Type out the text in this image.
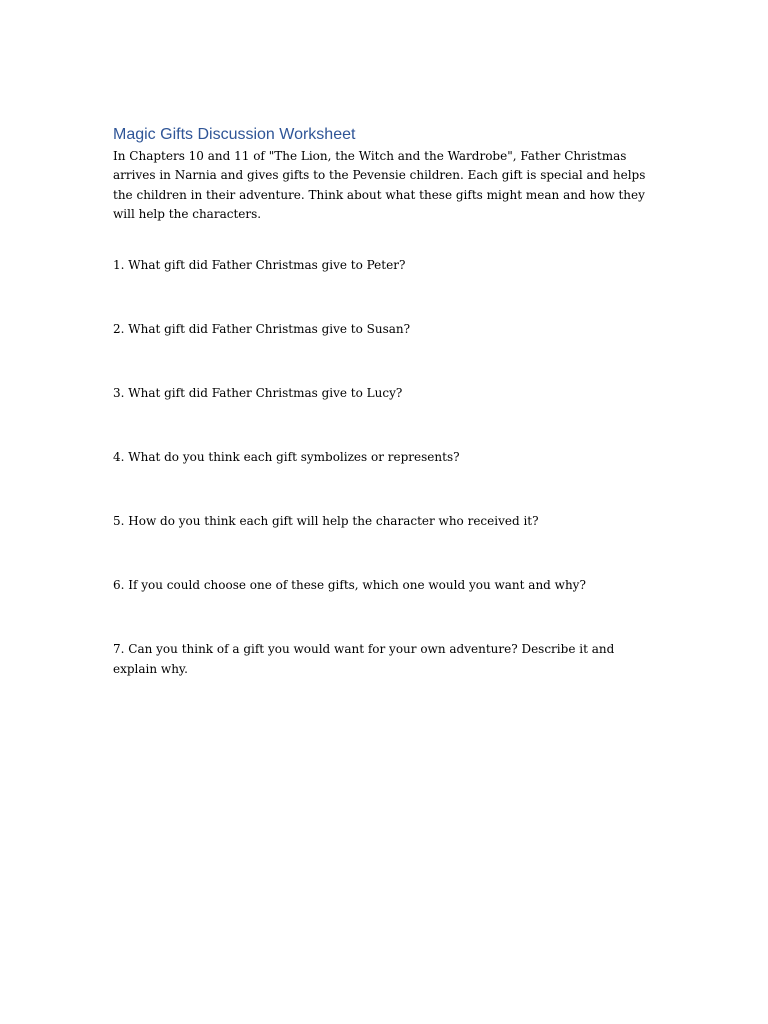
Magic Gifts Discussion Worksheet

In Chapters 10 and 11 of "The Lion, the Witch and the Wardrobe", Father Christmas arrives in Narnia and gives gifts to the Pevensie children. Each gift is special and helps the children in their adventure. Think about what these gifts might mean and how they will help the characters.

1. What gift did Father Christmas give to Peter?
2. What gift did Father Christmas give to Susan?
3. What gift did Father Christmas give to Lucy?
4. What do you think each gift symbolizes or represents?
5. How do you think each gift will help the character who received it?
6. If you could choose one of these gifts, which one would you want and why?
7. Can you think of a gift you would want for your own adventure? Describe it and explain why.
